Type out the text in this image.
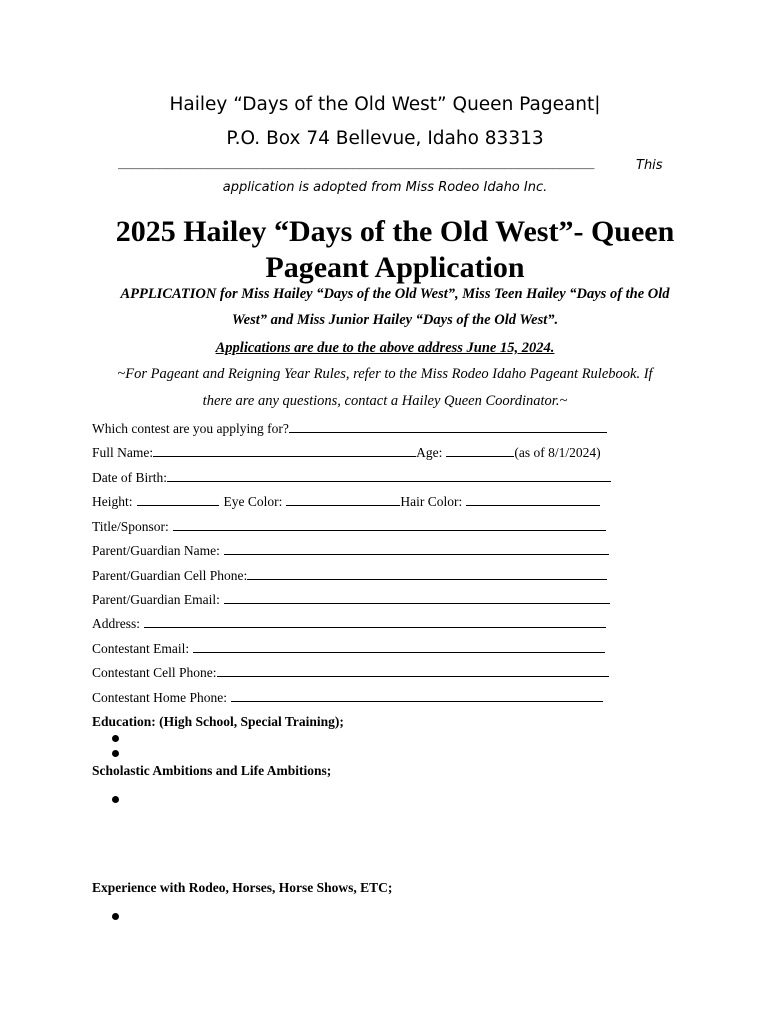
Hailey “Days of the Old West” Queen Pageant|
P.O. Box 74 Bellevue, Idaho 83313
_____________________________________________________________________	This
application is adopted from Miss Rodeo Idaho Inc.
2025 Hailey “Days of the Old West”- Queen Pageant Application
APPLICATION for Miss Hailey “Days of the Old West”, Miss Teen Hailey “Days of the Old
West” and Miss Junior Hailey “Days of the Old West”.
Applications are due to the above address June 15, 2024.
~For Pageant and Reigning Year Rules, refer to the Miss Rodeo Idaho Pageant Rulebook. If
there are any questions, contact a Hailey Queen Coordinator.~
Which contest are you applying for?
Full Name:	Age:	(as of 8/1/2024)
Date of Birth:
Height:	Eye Color:	Hair Color:
Title/Sponsor:
Parent/Guardian Name:
Parent/Guardian Cell Phone:
Parent/Guardian Email:
Address:
Contestant Email:
Contestant Cell Phone:
Contestant Home Phone:
Education: (High School, Special Training);
Scholastic Ambitions and Life Ambitions;
Experience with Rodeo, Horses, Horse Shows, ETC;
